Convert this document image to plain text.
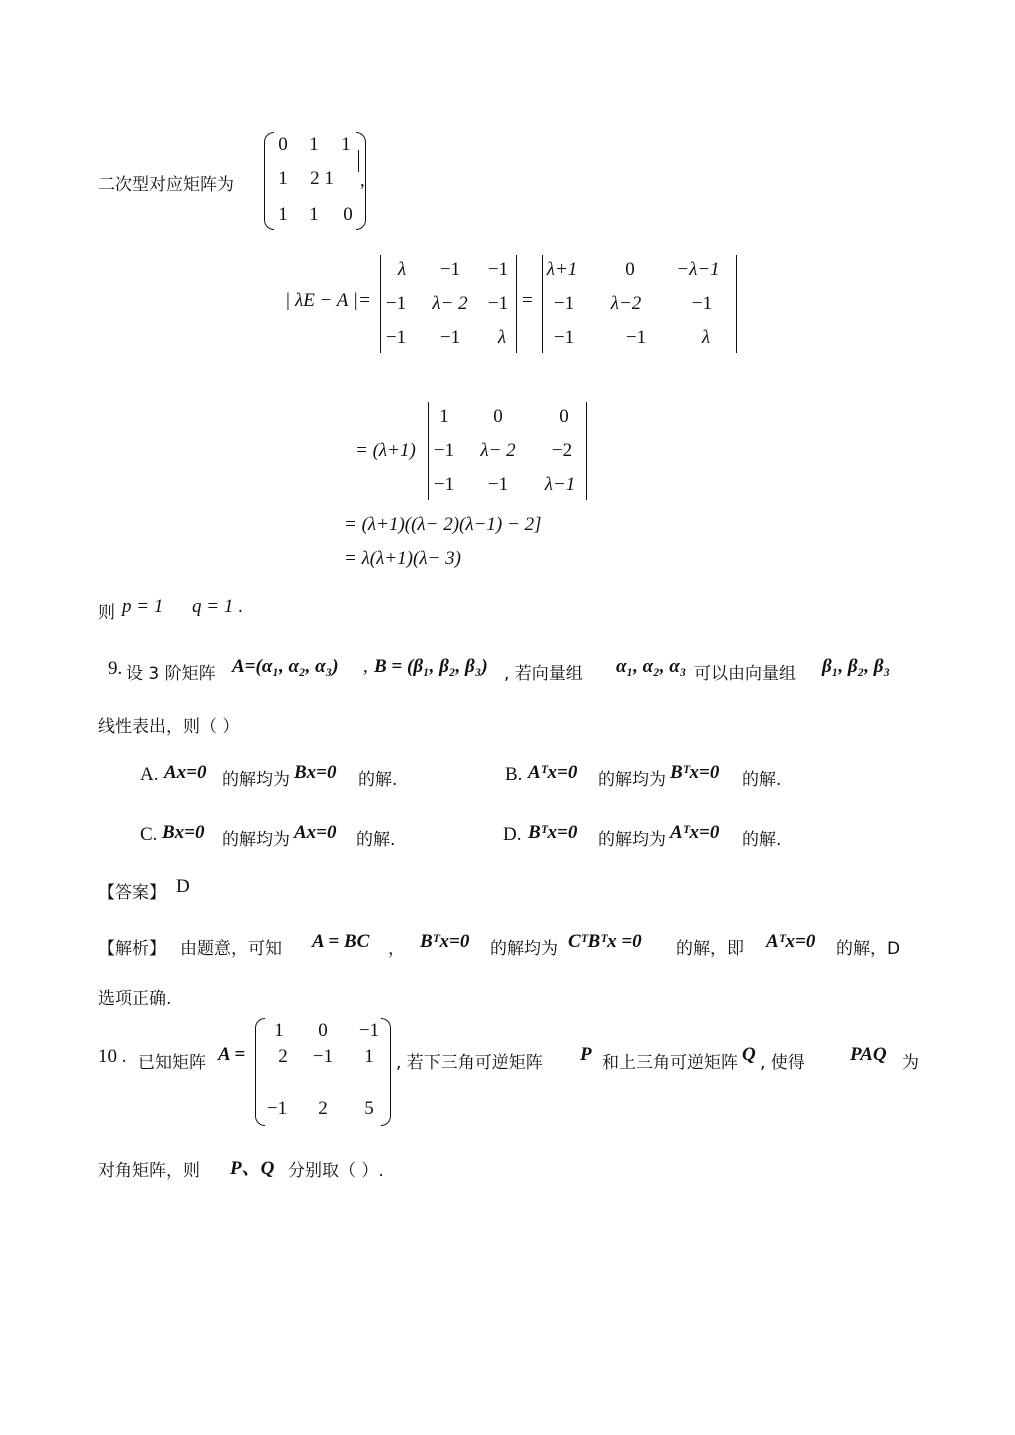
二次型对应矩阵为
0	1	1
1	2 1
1	1	0
,
| λE − A |=
λ	−1	−1
−1	λ− 2	−1
−1	−1	λ
=
λ+1	0	−λ−1
−1	λ−2	−1
−1	−1	λ
= (λ+1)
1	0	0
−1	λ− 2	−2
−1	−1	λ−1
= (λ+1)((λ− 2)(λ−1) − 2]
= λ(λ+1)(λ− 3)
则 p = 1 q = 1 .
9. 设 3 阶矩阵 A=(α₁, α₂, α₃) , B = (β₁, β₂, β₃) , 若向量组 α₁, α₂, α₃ 可以由向量组 β₁, β₂, β₃
线性表出，则（ ）
A. Ax=0 的解均为 Bx=0 的解.	B. Aᵀx=0 的解均为 Bᵀx=0 的解.
C. Bx=0 的解均为 Ax=0 的解.	D. Bᵀx=0 的解均为 Aᵀx=0 的解.
【答案】 D
【解析】 由题意，可知 A = BC ， Bᵀx=0 的解均为 CᵀBᵀx =0 的解，即 Aᵀx=0 的解，D
选项正确.
10 . 已知矩阵 A =
1	0	−1
2	−1	1
−1	2	5
, 若下三角可逆矩阵 P 和上三角可逆矩阵 Q , 使得 PAQ 为
对角矩阵，则 P、Q 分别取（ ）.
